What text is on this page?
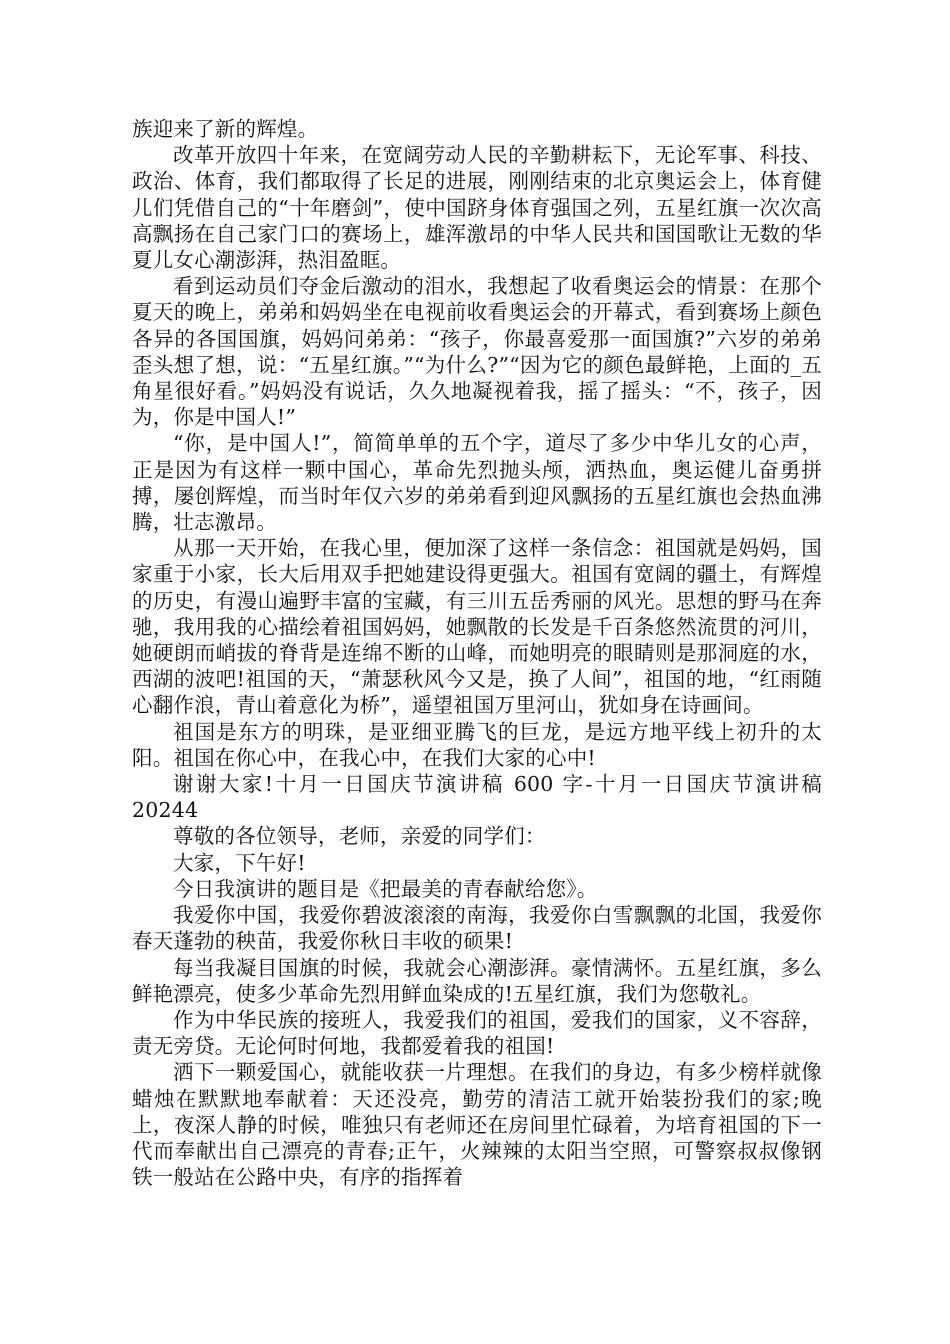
族迎来了新的辉煌。

改革开放四十年来，在宽阔劳动人民的辛勤耕耘下，无论军事、科技、政治、体育，我们都取得了长足的进展，刚刚结束的北京奥运会上，体育健儿们凭借自己的“十年磨剑”，使中国跻身体育强国之列，五星红旗一次次高高飘扬在自己家门口的赛场上，雄浑激昂的中华人民共和国国歌让无数的华夏儿女心潮澎湃，热泪盈眶。

看到运动员们夺金后激动的泪水，我想起了收看奥运会的情景：在那个夏天的晚上，弟弟和妈妈坐在电视前收看奥运会的开幕式，看到赛场上颜色各异的各国国旗，妈妈问弟弟：“孩子，你最喜爱那一面国旗?”六岁的弟弟歪头想了想，说：“五星红旗。”“为什么?”“因为它的颜色最鲜艳，上面的_五角星很好看。”妈妈没有说话，久久地凝视着我，摇了摇头：“不，孩子，因为，你是中国人!”

“你，是中国人!”，简简单单的五个字，道尽了多少中华儿女的心声，正是因为有这样一颗中国心，革命先烈抛头颅，洒热血，奥运健儿奋勇拼搏，屡创辉煌，而当时年仅六岁的弟弟看到迎风飘扬的五星红旗也会热血沸腾，壮志激昂。

从那一天开始，在我心里，便加深了这样一条信念：祖国就是妈妈，国家重于小家，长大后用双手把她建设得更强大。祖国有宽阔的疆土，有辉煌的历史，有漫山遍野丰富的宝藏，有三川五岳秀丽的风光。思想的野马在奔驰，我用我的心描绘着祖国妈妈，她飘散的长发是千百条悠然流贯的河川，她硬朗而峭拔的脊背是连绵不断的山峰，而她明亮的眼睛则是那洞庭的水，西湖的波吧!祖国的天，“萧瑟秋风今又是，换了人间”，祖国的地，“红雨随心翻作浪，青山着意化为桥”，遥望祖国万里河山，犹如身在诗画间。

祖国是东方的明珠，是亚细亚腾飞的巨龙，是远方地平线上初升的太阳。祖国在你心中，在我心中，在我们大家的心中!

谢谢大家!十月一日国庆节演讲稿 600 字-十月一日国庆节演讲稿 20244

尊敬的各位领导，老师，亲爱的同学们：

大家，下午好!

今日我演讲的题目是《把最美的青春献给您》。

我爱你中国，我爱你碧波滚滚的南海，我爱你白雪飘飘的北国，我爱你春天蓬勃的秧苗，我爱你秋日丰收的硕果!

每当我凝目国旗的时候，我就会心潮澎湃。豪情满怀。五星红旗，多么鲜艳漂亮，使多少革命先烈用鲜血染成的!五星红旗，我们为您敬礼。

作为中华民族的接班人，我爱我们的祖国，爱我们的国家，义不容辞，责无旁贷。无论何时何地，我都爱着我的祖国!

洒下一颗爱国心，就能收获一片理想。在我们的身边，有多少榜样就像蜡烛在默默地奉献着：天还没亮，勤劳的清洁工就开始装扮我们的家;晚上，夜深人静的时候，唯独只有老师还在房间里忙碌着，为培育祖国的下一代而奉献出自己漂亮的青春;正午，火辣辣的太阳当空照，可警察叔叔像钢铁一般站在公路中央，有序的指挥着
